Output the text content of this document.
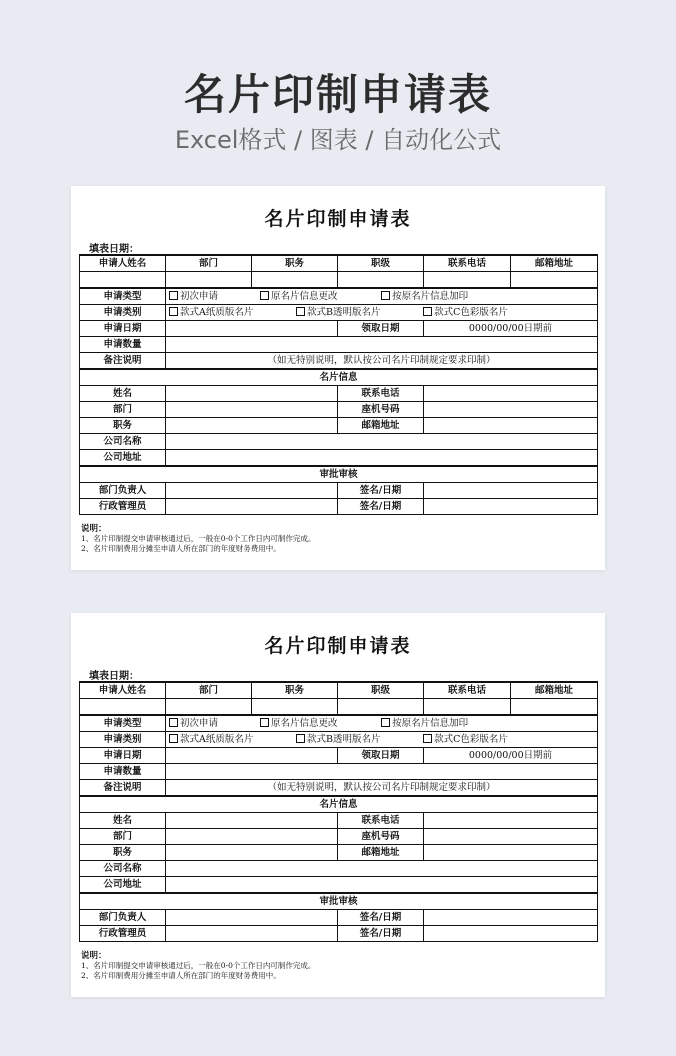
名片印制申请表
Excel格式 / 图表 / 自动化公式
名片印制申请表
填表日期：
申请人姓名	部门	职务	职级	联系电话	邮箱地址

申请类型	初次申请 原名片信息更改 按原名片信息加印				
申请类别	款式A纸质版名片 款式B透明版名片 款式C色彩版名片				
申请日期			领取日期	0000/00/00日期前	
申请数量					
备注说明	（如无特别说明，默认按公司名片印制规定要求印制）				
名片信息					
姓名			联系电话		
部门			座机号码		
职务			邮箱地址		
公司名称					
公司地址					
审批审核					
部门负责人			签名/日期		
行政管理员			签名/日期		
说明：
1、名片印制提交申请审核通过后，一般在0-0个工作日内可制作完成。
2、名片印制费用分摊至申请人所在部门的年度财务费用中。
名片印制申请表
填表日期：
申请人姓名	部门	职务	职级	联系电话	邮箱地址

申请类型	初次申请 原名片信息更改 按原名片信息加印				
申请类别	款式A纸质版名片 款式B透明版名片 款式C色彩版名片				
申请日期			领取日期	0000/00/00日期前	
申请数量					
备注说明	（如无特别说明，默认按公司名片印制规定要求印制）				
名片信息					
姓名			联系电话		
部门			座机号码		
职务			邮箱地址		
公司名称					
公司地址					
审批审核					
部门负责人			签名/日期		
行政管理员			签名/日期		
说明：
1、名片印制提交申请审核通过后，一般在0-0个工作日内可制作完成。
2、名片印制费用分摊至申请人所在部门的年度财务费用中。
